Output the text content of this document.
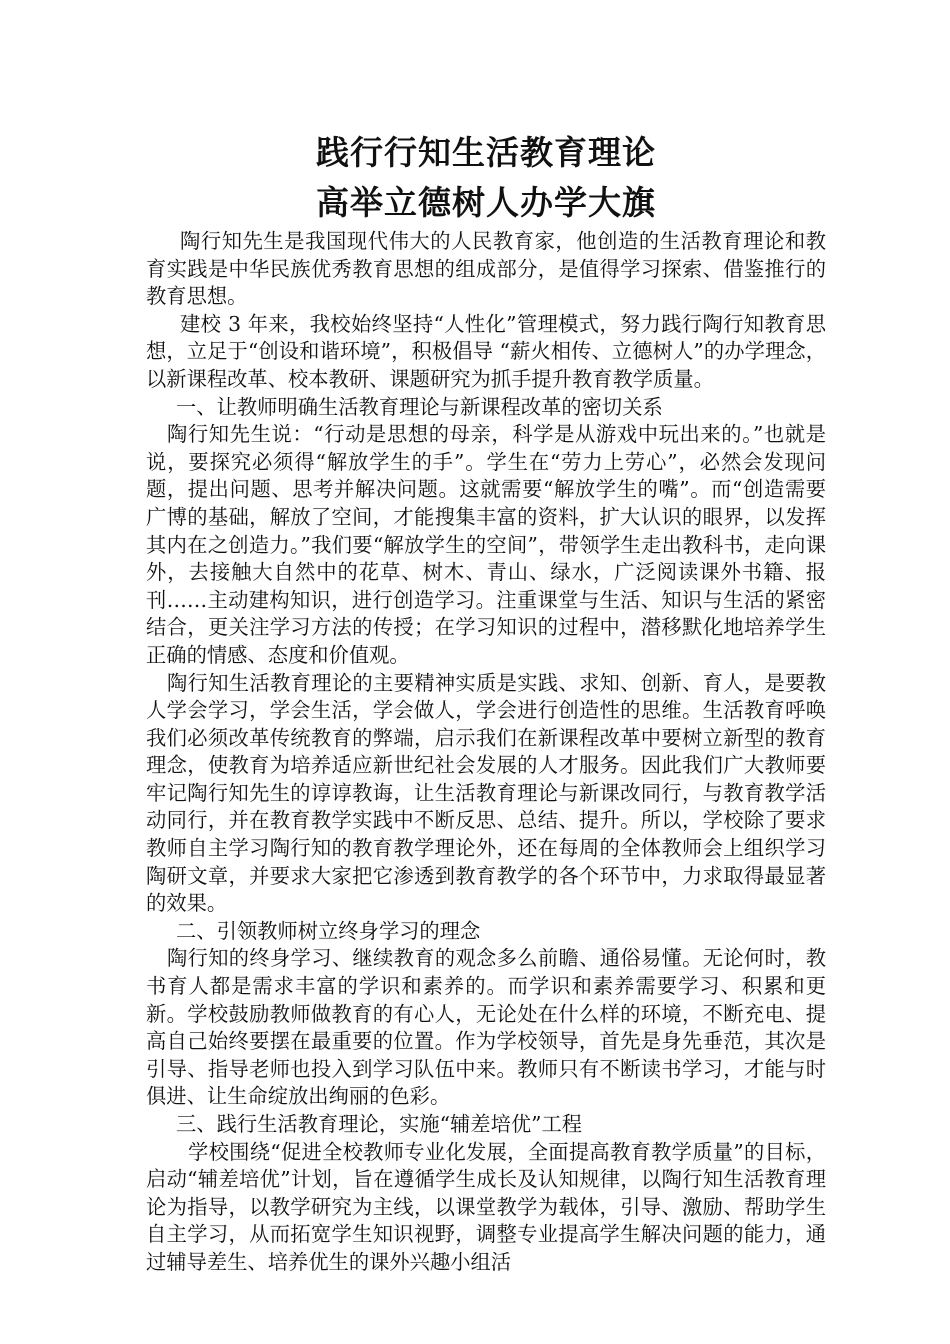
践行行知生活教育理论
高举立德树人办学大旗

陶行知先生是我国现代伟大的人民教育家，他创造的生活教育理论和教育实践是中华民族优秀教育思想的组成部分，是值得学习探索、借鉴推行的教育思想。

建校 3 年来，我校始终坚持“人性化”管理模式，努力践行陶行知教育思想，立足于“创设和谐环境”，积极倡导 “薪火相传、立德树人”的办学理念，以新课程改革、校本教研、课题研究为抓手提升教育教学质量。

一、让教师明确生活教育理论与新课程改革的密切关系

陶行知先生说：“行动是思想的母亲，科学是从游戏中玩出来的。”也就是说，要探究必须得“解放学生的手”。学生在“劳力上劳心”，必然会发现问题，提出问题、思考并解决问题。这就需要“解放学生的嘴”。而“创造需要广博的基础，解放了空间，才能搜集丰富的资料，扩大认识的眼界，以发挥其内在之创造力。”我们要“解放学生的空间”，带领学生走出教科书，走向课外，去接触大自然中的花草、树木、青山、绿水，广泛阅读课外书籍、报刊……主动建构知识，进行创造学习。注重课堂与生活、知识与生活的紧密结合，更关注学习方法的传授；在学习知识的过程中，潜移默化地培养学生正确的情感、态度和价值观。

陶行知生活教育理论的主要精神实质是实践、求知、创新、育人，是要教人学会学习，学会生活，学会做人，学会进行创造性的思维。生活教育呼唤我们必须改革传统教育的弊端，启示我们在新课程改革中要树立新型的教育理念，使教育为培养适应新世纪社会发展的人才服务。因此我们广大教师要牢记陶行知先生的谆谆教诲，让生活教育理论与新课改同行，与教育教学活动同行，并在教育教学实践中不断反思、总结、提升。所以，学校除了要求教师自主学习陶行知的教育教学理论外，还在每周的全体教师会上组织学习陶研文章，并要求大家把它渗透到教育教学的各个环节中，力求取得最显著的效果。

二、引领教师树立终身学习的理念

陶行知的终身学习、继续教育的观念多么前瞻、通俗易懂。无论何时，教书育人都是需求丰富的学识和素养的。而学识和素养需要学习、积累和更新。学校鼓励教师做教育的有心人，无论处在什么样的环境，不断充电、提高自己始终要摆在最重要的位置。作为学校领导，首先是身先垂范，其次是引导、指导老师也投入到学习队伍中来。教师只有不断读书学习，才能与时俱进、让生命绽放出绚丽的色彩。

三、践行生活教育理论，实施“辅差培优”工程

学校围绕“促进全校教师专业化发展，全面提高教育教学质量”的目标，启动“辅差培优”计划，旨在遵循学生成长及认知规律，以陶行知生活教育理论为指导，以教学研究为主线，以课堂教学为载体，引导、激励、帮助学生自主学习，从而拓宽学生知识视野，调整专业提高学生解决问题的能力，通过辅导差生、培养优生的课外兴趣小组活
